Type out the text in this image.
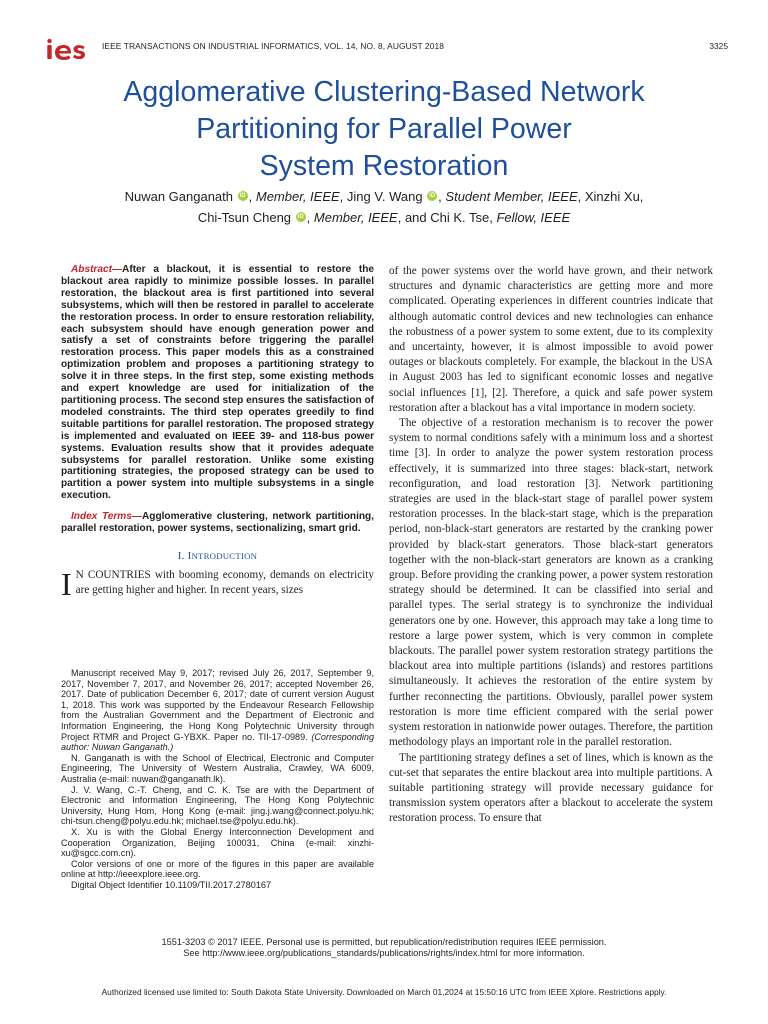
IEEE TRANSACTIONS ON INDUSTRIAL INFORMATICS, VOL. 14, NO. 8, AUGUST 2018	3325
Agglomerative Clustering-Based Network
Partitioning for Parallel Power
System Restoration
Nuwan Ganganath iD , Member, IEEE, Jing V. Wang iD , Student Member, IEEE, Xinzhi Xu,
Chi-Tsun Cheng iD , Member, IEEE, and Chi K. Tse, Fellow, IEEE

Abstract—After a blackout, it is essential to restore the blackout area rapidly to minimize possible losses. In parallel restoration, the blackout area is first partitioned into several subsystems, which will then be restored in parallel to accelerate the restoration process. In order to ensure restoration reliability, each subsystem should have enough generation power and satisfy a set of constraints before triggering the parallel restoration process. This paper models this as a constrained optimization problem and proposes a partitioning strategy to solve it in three steps. In the first step, some existing methods and expert knowledge are used for initialization of the partitioning process. The second step ensures the satisfaction of modeled constraints. The third step operates greedily to find suitable partitions for parallel restoration. The proposed strategy is implemented and evaluated on IEEE 39- and 118-bus power systems. Evaluation results show that it provides adequate subsystems for parallel restoration. Unlike some existing partitioning strategies, the proposed strategy can be used to partition a power system into multiple subsystems in a single execution.

Index Terms—Agglomerative clustering, network partitioning, parallel restoration, power systems, sectionalizing, smart grid.

I. INTRODUCTION

I N COUNTRIES with booming economy, demands on electricity are getting higher and higher. In recent years, sizes

Manuscript received May 9, 2017; revised July 26, 2017, September 9, 2017, November 7, 2017, and November 26, 2017; accepted November 26, 2017. Date of publication December 6, 2017; date of current version August 1, 2018. This work was supported by the Endeavour Research Fellowship from the Australian Government and the Department of Electronic and Information Engineering, the Hong Kong Polytechnic University through Project RTMR and Project G-YBXK. Paper no. TII-17-0989. (Corresponding author: Nuwan Ganganath.)

N. Ganganath is with the School of Electrical, Electronic and Computer Engineering, The University of Western Australia, Crawley, WA 6009, Australia (e-mail: nuwan@ganganath.lk).

J. V. Wang, C.-T. Cheng, and C. K. Tse are with the Department of Electronic and Information Engineering, The Hong Kong Polytechnic University, Hung Hom, Hong Kong (e-mail: jing.j.wang@connect.polyu.hk; chi-tsun.cheng@polyu.edu.hk; michael.tse@polyu.edu.hk).

X. Xu is with the Global Energy Interconnection Development and Cooperation Organization, Beijing 100031, China (e-mail: xinzhi-xu@sgcc.com.cn).

Color versions of one or more of the figures in this paper are available online at http://ieeexplore.ieee.org.

Digital Object Identifier 10.1109/TII.2017.2780167

of the power systems over the world have grown, and their network structures and dynamic characteristics are getting more and more complicated. Operating experiences in different countries indicate that although automatic control devices and new technologies can enhance the robustness of a power system to some extent, due to its complexity and uncertainty, however, it is almost impossible to avoid power outages or blackouts completely. For example, the blackout in the USA in August 2003 has led to significant economic losses and negative social influences [1], [2]. Therefore, a quick and safe power system restoration after a blackout has a vital importance in modern society.

The objective of a restoration mechanism is to recover the power system to normal conditions safely with a minimum loss and a shortest time [3]. In order to analyze the power system restoration process effectively, it is summarized into three stages: black-start, network reconfiguration, and load restoration [3]. Network partitioning strategies are used in the black-start stage of parallel power system restoration processes. In the black-start stage, which is the preparation period, non-black-start generators are restarted by the cranking power provided by black-start generators. Those black-start generators together with the non-black-start generators are known as a cranking group. Before providing the cranking power, a power system restoration strategy should be determined. It can be classified into serial and parallel types. The serial strategy is to synchronize the individual generators one by one. However, this approach may take a long time to restore a large power system, which is very common in complete blackouts. The parallel power system restoration strategy partitions the blackout area into multiple partitions (islands) and restores partitions simultaneously. It achieves the restoration of the entire system by further reconnecting the partitions. Obviously, parallel power system restoration is more time efficient compared with the serial power system restoration in nationwide power outages. Therefore, the partition methodology plays an important role in the parallel restoration.

The partitioning strategy defines a set of lines, which is known as the cut-set that separates the entire blackout area into multiple partitions. A suitable partitioning strategy will provide necessary guidance for transmission system operators after a blackout to accelerate the system restoration process. To ensure that

1551-3203 © 2017 IEEE. Personal use is permitted, but republication/redistribution requires IEEE permission.
See http://www.ieee.org/publications_standards/publications/rights/index.html for more information.
Authorized licensed use limited to: South Dakota State University. Downloaded on March 01,2024 at 15:50:16 UTC from IEEE Xplore. Restrictions apply.
